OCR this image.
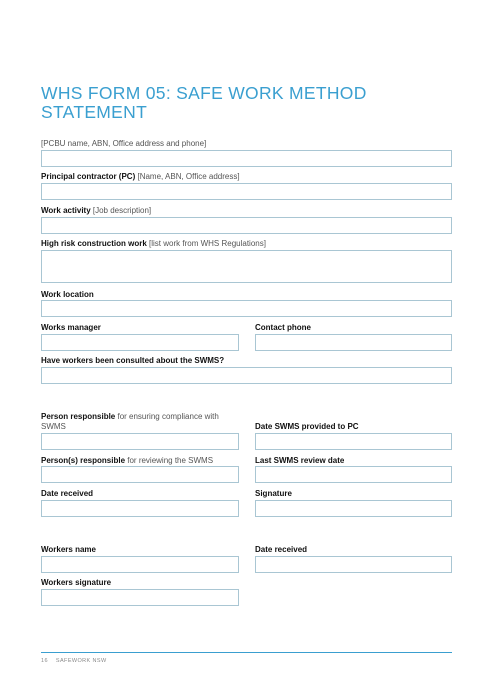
WHS FORM 05: SAFE WORK METHOD STATEMENT
[PCBU name, ABN, Office address and phone]
Principal contractor (PC) [Name, ABN, Office address]
Work activity [Job description]
High risk construction work [list work from WHS Regulations]
Work location
Works manager	Contact phone
Have workers been consulted about the SWMS?
Person responsible for ensuring compliance with SWMS	Date SWMS provided to PC
Person(s) responsible for reviewing the SWMS	Last SWMS review date
Date received	Signature
Workers name	Date received
Workers signature
16 SAFEWORK NSW
